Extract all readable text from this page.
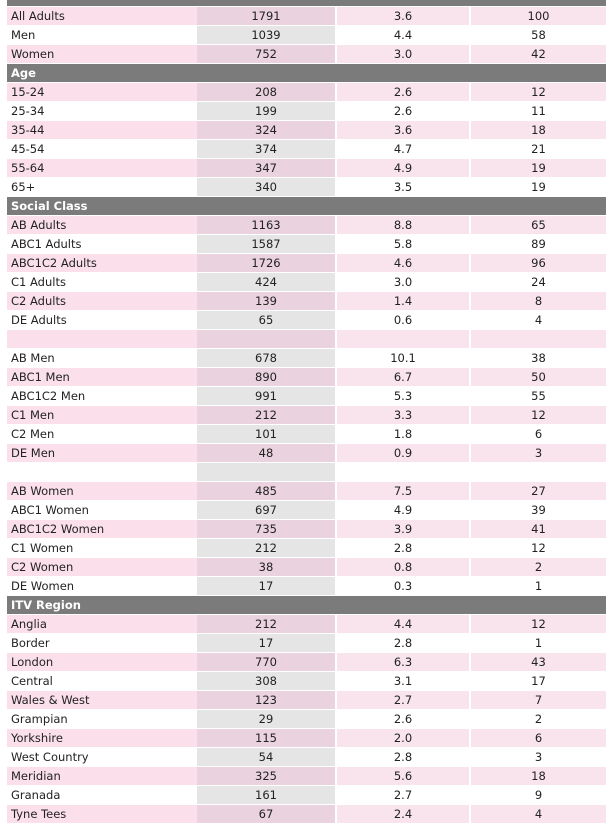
All Adults	1791	3.6	100
Men	1039	4.4	58
Women	752	3.0	42
Age			
15-24	208	2.6	12
25-34	199	2.6	11
35-44	324	3.6	18
45-54	374	4.7	21
55-64	347	4.9	19
65+	340	3.5	19
Social Class			
AB Adults	1163	8.8	65
ABC1 Adults	1587	5.8	89
ABC1C2 Adults	1726	4.6	96
C1 Adults	424	3.0	24
C2 Adults	139	1.4	8
DE Adults	65	0.6	4

AB Men	678	10.1	38
ABC1 Men	890	6.7	50
ABC1C2 Men	991	5.3	55
C1 Men	212	3.3	12
C2 Men	101	1.8	6
DE Men	48	0.9	3

AB Women	485	7.5	27
ABC1 Women	697	4.9	39
ABC1C2 Women	735	3.9	41
C1 Women	212	2.8	12
C2 Women	38	0.8	2
DE Women	17	0.3	1
ITV Region			
Anglia	212	4.4	12
Border	17	2.8	1
London	770	6.3	43
Central	308	3.1	17
Wales & West	123	2.7	7
Grampian	29	2.6	2
Yorkshire	115	2.0	6
West Country	54	2.8	3
Meridian	325	5.6	18
Granada	161	2.7	9
Tyne Tees	67	2.4	4
